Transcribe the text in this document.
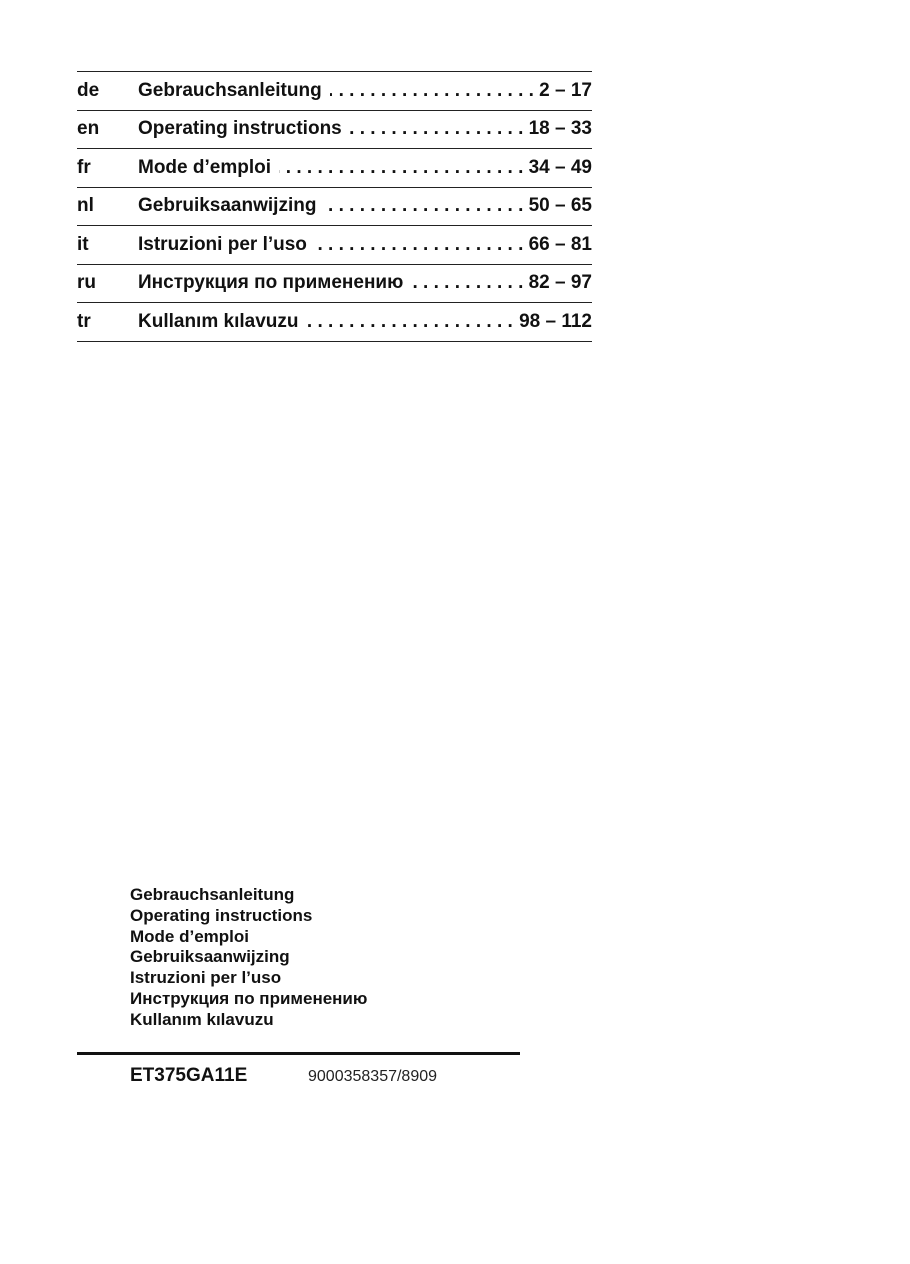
de	Gebrauchsanleitung . . .	2 – 17
en	Operating instructions . . .	18 – 33
fr	Mode d’emploi . . .	34 – 49
nl	Gebruiksaanwijzing . . .	50 – 65
it	Istruzioni per l’uso . . .	66 – 81
ru	Инструкция по применению . . .	82 – 97
tr	Kullanım kılavuzu . . .	98 – 112
Gebrauchsanleitung
Operating instructions
Mode d’emploi
Gebruiksaanwijzing
Istruzioni per l’uso
Инструкция по применению
Kullanım kılavuzu
ET375GA11E	9000358357/8909
